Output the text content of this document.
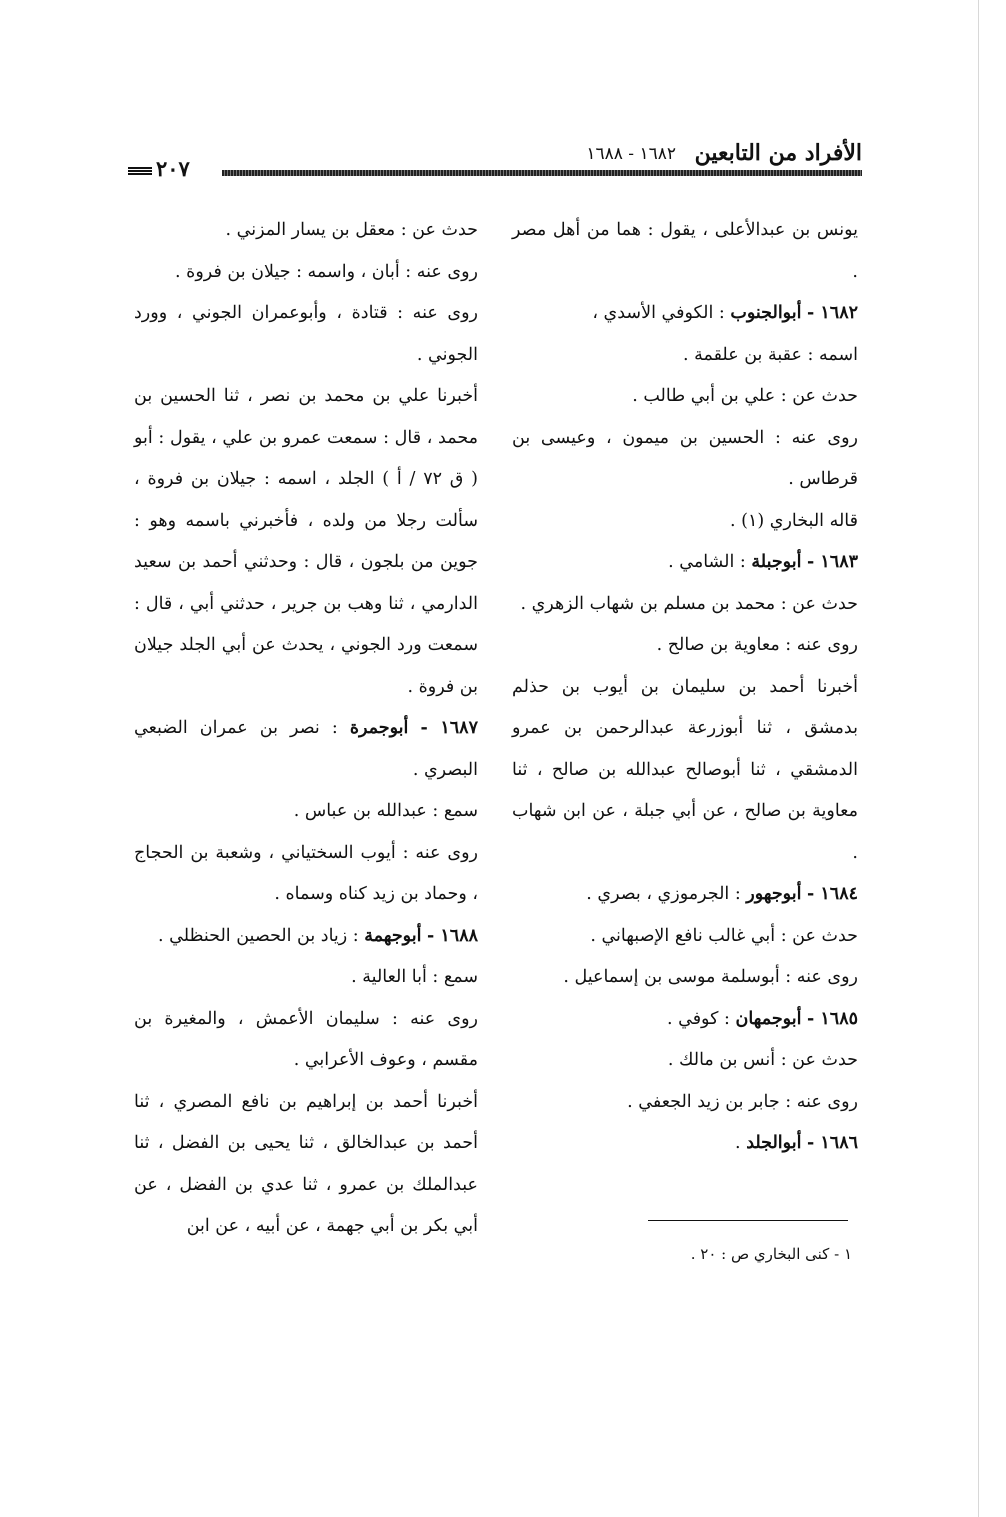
الأفراد من التابعين
١٦٨٢ - ١٦٨٨
٢٠٧

يونس بن عبدالأعلى ، يقول : هما من أهل مصر .

١٦٨٢ - أبوالجنوب : الكوفي الأسدي ،

اسمه : عقبة بن علقمة .

حدث عن : علي بن أبي طالب .

روى عنه : الحسين بن ميمون ، وعيسى بن قرطاس .

قاله البخاري (١) .

١٦٨٣ - أبوجبلة : الشامي .

حدث عن : محمد بن مسلم بن شهاب الزهري .

روى عنه : معاوية بن صالح .

أخبرنا أحمد بن سليمان بن أيوب بن حذلم بدمشق ، ثنا أبوزرعة عبدالرحمن بن عمرو الدمشقي ، ثنا أبوصالح عبدالله بن صالح ، ثنا معاوية بن صالح ، عن أبي جبلة ، عن ابن شهاب .

١٦٨٤ - أبوجهور : الجرموزي ، بصري .

حدث عن : أبي غالب نافع الإصبهاني .

روى عنه : أبوسلمة موسى بن إسماعيل .

١٦٨٥ - أبوجمهان : كوفي .

حدث عن : أنس بن مالك .

روى عنه : جابر بن زيد الجعفي .

١٦٨٦ - أبوالجلد .

حدث عن : معقل بن يسار المزني .

روى عنه : أبان ، واسمه : جيلان بن فروة .

روى عنه : قتادة ، وأبوعمران الجوني ، وورد الجوني .

أخبرنا علي بن محمد بن نصر ، ثنا الحسين بن محمد ، قال : سمعت عمرو بن علي ، يقول : أبو ( ق ٧٢ / أ ) الجلد ، اسمه : جيلان بن فروة ، سألت رجلا من ولده ، فأخبرني باسمه وهو : جوين من بلجون ، قال : وحدثني أحمد بن سعيد الدارمي ، ثنا وهب بن جرير ، حدثني أبي ، قال : سمعت ورد الجوني ، يحدث عن أبي الجلد جيلان بن فروة .

١٦٨٧ - أبوجمرة : نصر بن عمران الضبعي البصري .

سمع : عبدالله بن عباس .

روى عنه : أيوب السختياني ، وشعبة بن الحجاج ، وحماد بن زيد كناه وسماه .

١٦٨٨ - أبوجهمة : زياد بن الحصين الحنظلي .

سمع : أبا العالية .

روى عنه : سليمان الأعمش ، والمغيرة بن مقسم ، وعوف الأعرابي .

أخبرنا أحمد بن إبراهيم بن نافع المصري ، ثنا أحمد بن عبدالخالق ، ثنا يحيى بن الفضل ، ثنا عبدالملك بن عمرو ، ثنا عدي بن الفضل ، عن أبي بكر بن أبي جهمة ، عن أبيه ، عن ابن

١ - كنى البخاري ص : ٢٠ .
